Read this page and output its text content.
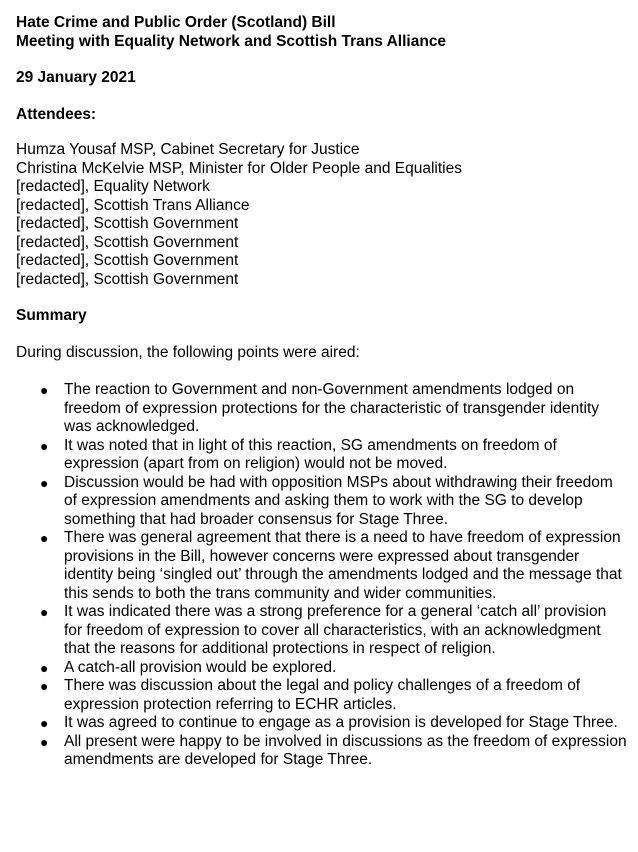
Hate Crime and Public Order (Scotland) Bill
Meeting with Equality Network and Scottish Trans Alliance

29 January 2021

Attendees:

Humza Yousaf MSP, Cabinet Secretary for Justice
Christina McKelvie MSP, Minister for Older People and Equalities
[redacted], Equality Network
[redacted], Scottish Trans Alliance
[redacted], Scottish Government
[redacted], Scottish Government
[redacted], Scottish Government
[redacted], Scottish Government

Summary

During discussion, the following points were aired:

● The reaction to Government and non-Government amendments lodged on freedom of expression protections for the characteristic of transgender identity was acknowledged.
● It was noted that in light of this reaction, SG amendments on freedom of expression (apart from on religion) would not be moved.
● Discussion would be had with opposition MSPs about withdrawing their freedom of expression amendments and asking them to work with the SG to develop something that had broader consensus for Stage Three.
● There was general agreement that there is a need to have freedom of expression provisions in the Bill, however concerns were expressed about transgender identity being ‘singled out’ through the amendments lodged and the message that this sends to both the trans community and wider communities.
● It was indicated there was a strong preference for a general ‘catch all’ provision for freedom of expression to cover all characteristics, with an acknowledgment that the reasons for additional protections in respect of religion.
● A catch-all provision would be explored.
● There was discussion about the legal and policy challenges of a freedom of expression protection referring to ECHR articles.
● It was agreed to continue to engage as a provision is developed for Stage Three.
● All present were happy to be involved in discussions as the freedom of expression amendments are developed for Stage Three.
